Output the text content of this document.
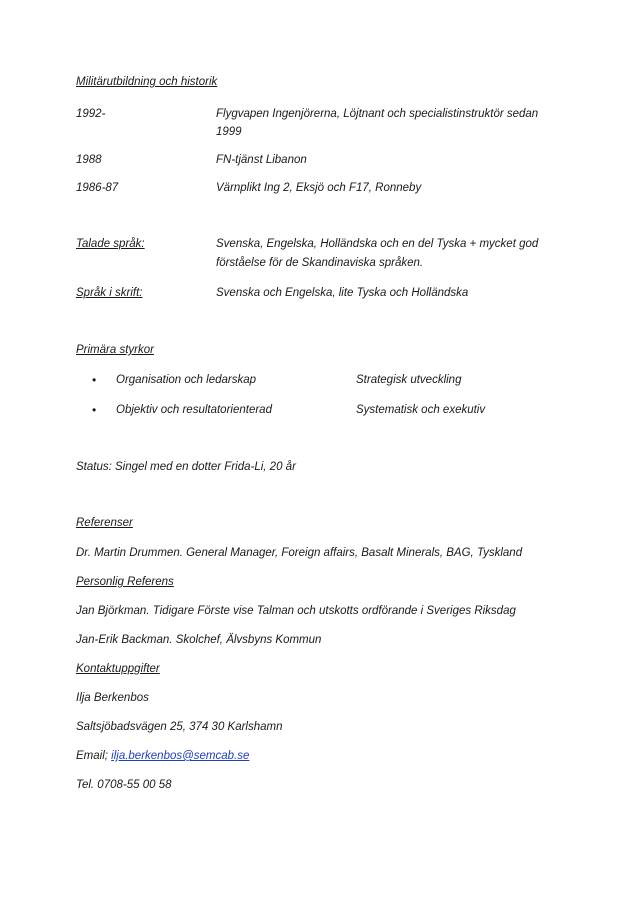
Militärutbildning och historik
1992-	Flygvapen Ingenjörerna, Löjtnant och specialistinstruktör sedan
1999
1988	FN-tjänst Libanon
1986-87	Värnplikt Ing 2, Eksjö och F17, Ronneby
Talade språk:	Svenska, Engelska, Holländska och en del Tyska + mycket god
förståelse för de Skandinaviska språken.
Språk i skrift:	Svenska och Engelska, lite Tyska och Holländska
Primära styrkor
• Organisation och ledarskap	Strategisk utveckling
• Objektiv och resultatorienterad	Systematisk och exekutiv
Status: Singel med en dotter Frida-Li, 20 år
Referenser
Dr. Martin Drummen. General Manager, Foreign affairs, Basalt Minerals, BAG, Tyskland
Personlig Referens
Jan Björkman. Tidigare Förste vise Talman och utskotts ordförande i Sveriges Riksdag
Jan-Erik Backman. Skolchef, Älvsbyns Kommun
Kontaktuppgifter
Ilja Berkenbos
Saltsjöbadsvägen 25, 374 30 Karlshamn
Email; ilja.berkenbos@semcab.se
Tel. 0708-55 00 58
